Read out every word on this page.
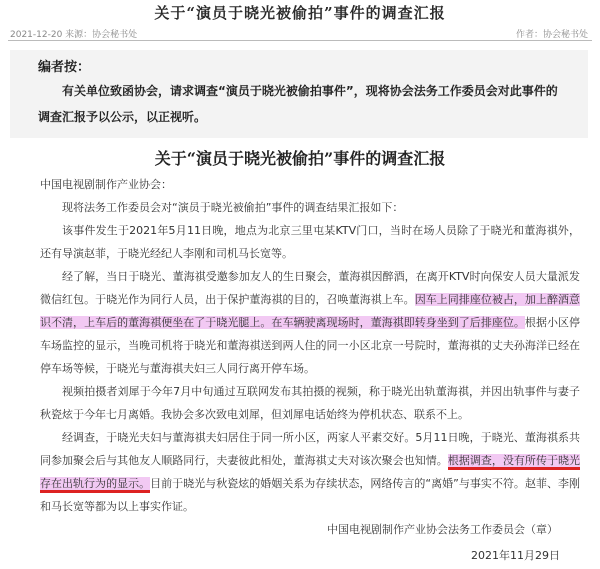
关于“演员于晓光被偷拍”事件的调查汇报
2021-12-20 来源：协会秘书处	作者：协会秘书处
编者按：
有关单位致函协会，请求调查“演员于晓光被偷拍事件”，现将协会法务工作委员会对此事件的调查汇报予以公示，以正视听。
关于“演员于晓光被偷拍”事件的调查汇报

中国电视剧制作产业协会：

现将法务工作委员会对“演员于晓光被偷拍”事件的调查结果汇报如下：

该事件发生于2021年5月11日晚，地点为北京三里屯某KTV门口，当时在场人员除了于晓光和董海祺外，还有导演赵菲，于晓光经纪人李刚和司机马长宽等。

经了解，当日于晓光、董海祺受邀参加友人的生日聚会，董海祺因醉酒，在离开KTV时向保安人员大量派发微信红包。于晓光作为同行人员，出于保护董海祺的目的，召唤董海祺上车。因车上同排座位被占，加上醉酒意识不清，上车后的董海祺便坐在了于晓光腿上。在车辆驶离现场时，董海祺即转身坐到了后排座位。根据小区停车场监控的显示，当晚司机将于晓光和董海祺送到两人住的同一小区北京一号院时，董海祺的丈夫孙海洋已经在停车场等候，于晓光与董海祺夫妇三人同行离开停车场。

视频拍摄者刘犀于今年7月中旬通过互联网发布其拍摄的视频，称于晓光出轨董海祺，并因出轨事件与妻子秋瓷炫于今年七月离婚。我协会多次致电刘犀，但刘犀电话始终为停机状态、联系不上。

经调查，于晓光夫妇与董海祺夫妇居住于同一所小区，两家人平素交好。5月11日晚，于晓光、董海祺系共同参加聚会后与其他友人顺路同行，夫妻彼此相处，董海祺丈夫对该次聚会也知情。根据调查，没有所传于晓光存在出轨行为的显示。目前于晓光与秋瓷炫的婚姻关系为存续状态，网络传言的“离婚”与事实不符。赵菲、李刚和马长宽等都为以上事实作证。

中国电视剧制作产业协会法务工作委员会（章）
2021年11月29日
